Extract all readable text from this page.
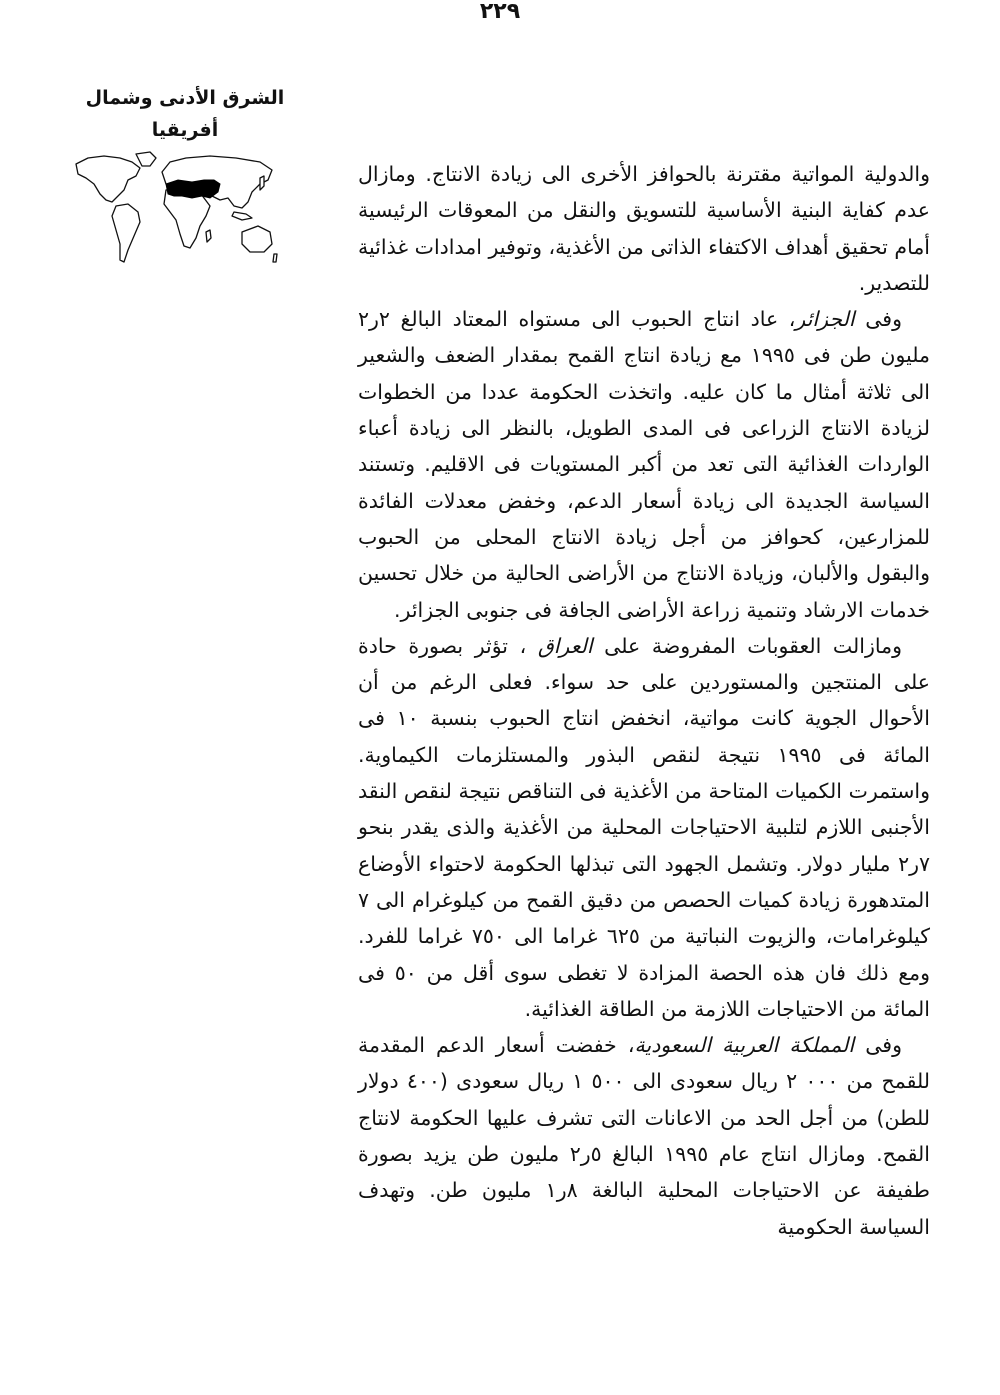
٢٢٩
الشرق الأدنى وشمال
أفريقيا

والدولية المواتية مقترنة بالحوافز الأخرى الى زيادة الانتاج. ومازال عدم كفاية البنية الأساسية للتسويق والنقل من المعوقات الرئيسية أمام تحقيق أهداف الاكتفاء الذاتى من الأغذية، وتوفير امدادات غذائية للتصدير.

وفى الجزائر، عاد انتاج الحبوب الى مستواه المعتاد البالغ ٢ر٢ مليون طن فى ١٩٩٥ مع زيادة انتاج القمح بمقدار الضعف والشعير الى ثلاثة أمثال ما كان عليه. واتخذت الحكومة عددا من الخطوات لزيادة الانتاج الزراعى فى المدى الطويل، بالنظر الى زيادة أعباء الواردات الغذائية التى تعد من أكبر المستويات فى الاقليم. وتستند السياسة الجديدة الى زيادة أسعار الدعم، وخفض معدلات الفائدة للمزارعين، كحوافز من أجل زيادة الانتاج المحلى من الحبوب والبقول والألبان، وزيادة الانتاج من الأراضى الحالية من خلال تحسين خدمات الارشاد وتنمية زراعة الأراضى الجافة فى جنوبى الجزائر.

ومازالت العقوبات المفروضة على العراق ، تؤثر بصورة حادة على المنتجين والمستوردين على حد سواء. فعلى الرغم من أن الأحوال الجوية كانت مواتية، انخفض انتاج الحبوب بنسبة ١٠ فى المائة فى ١٩٩٥ نتيجة لنقص البذور والمستلزمات الكيماوية. واستمرت الكميات المتاحة من الأغذية فى التناقص نتيجة لنقص النقد الأجنبى اللازم لتلبية الاحتياجات المحلية من الأغذية والذى يقدر بنحو ٧ر٢ مليار دولار. وتشمل الجهود التى تبذلها الحكومة لاحتواء الأوضاع المتدهورة زيادة كميات الحصص من دقيق القمح من كيلوغرام الى ٧ كيلوغرامات، والزيوت النباتية من ٦٢٥ غراما الى ٧٥٠ غراما للفرد. ومع ذلك فان هذه الحصة المزادة لا تغطى سوى أقل من ٥٠ فى المائة من الاحتياجات اللازمة من الطاقة الغذائية.

وفى المملكة العربية السعودية، خفضت أسعار الدعم المقدمة للقمح من ٠٠٠ ٢ ريال سعودى الى ٥٠٠ ١ ريال سعودى (٤٠٠ دولار للطن) من أجل الحد من الاعانات التى تشرف عليها الحكومة لانتاج القمح. ومازال انتاج عام ١٩٩٥ البالغ ٥ر٢ مليون طن يزيد بصورة طفيفة عن الاحتياجات المحلية البالغة ٨ر١ مليون طن. وتهدف السياسة الحكومية
